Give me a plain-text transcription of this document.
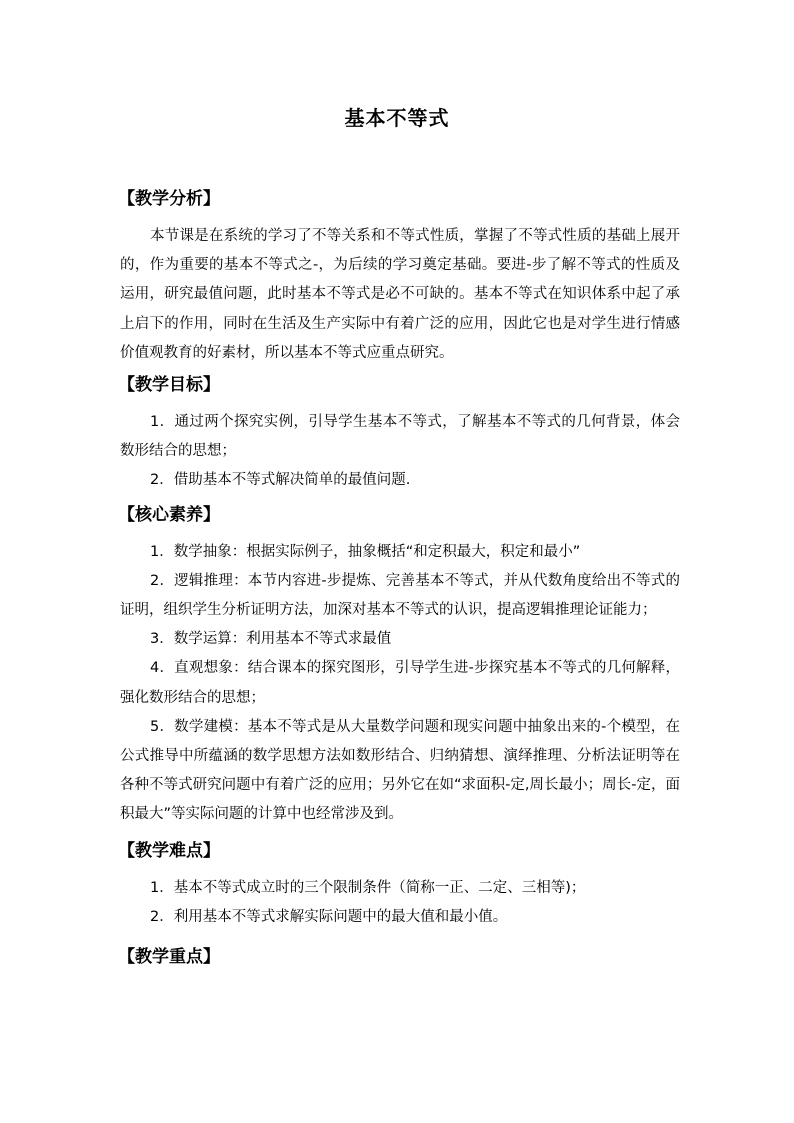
基本不等式

【教学分析】

本节课是在系统的学习了不等关系和不等式性质，掌握了不等式性质的基础上展开的，作为重要的基本不等式之-，为后续的学习奠定基础。要进-步了解不等式的性质及运用，研究最值问题，此时基本不等式是必不可缺的。基本不等式在知识体系中起了承上启下的作用，同时在生活及生产实际中有着广泛的应用，因此它也是对学生进行情感价值观教育的好素材，所以基本不等式应重点研究。

【教学目标】

1．通过两个探究实例，引导学生基本不等式，了解基本不等式的几何背景，体会数形结合的思想；

2．借助基本不等式解决简单的最值问题.

【核心素养】

1．数学抽象：根据实际例子，抽象概括“和定积最大，积定和最小”

2．逻辑推理：本节内容进-步提炼、完善基本不等式，并从代数角度给出不等式的证明，组织学生分析证明方法，加深对基本不等式的认识，提高逻辑推理论证能力；

3．数学运算：利用基本不等式求最值

4．直观想象：结合课本的探究图形，引导学生进-步探究基本不等式的几何解释，强化数形结合的思想；

5．数学建模：基本不等式是从大量数学问题和现实问题中抽象出来的-个模型，在公式推导中所蕴涵的数学思想方法如数形结合、归纳猜想、演绎推理、分析法证明等在各种不等式研究问题中有着广泛的应用；另外它在如“求面积-定,周长最小；周长-定，面积最大”等实际问题的计算中也经常涉及到。

【教学难点】

1．基本不等式成立时的三个限制条件（简称一正、二定、三相等)；

2．利用基本不等式求解实际问题中的最大值和最小值。

【教学重点】
